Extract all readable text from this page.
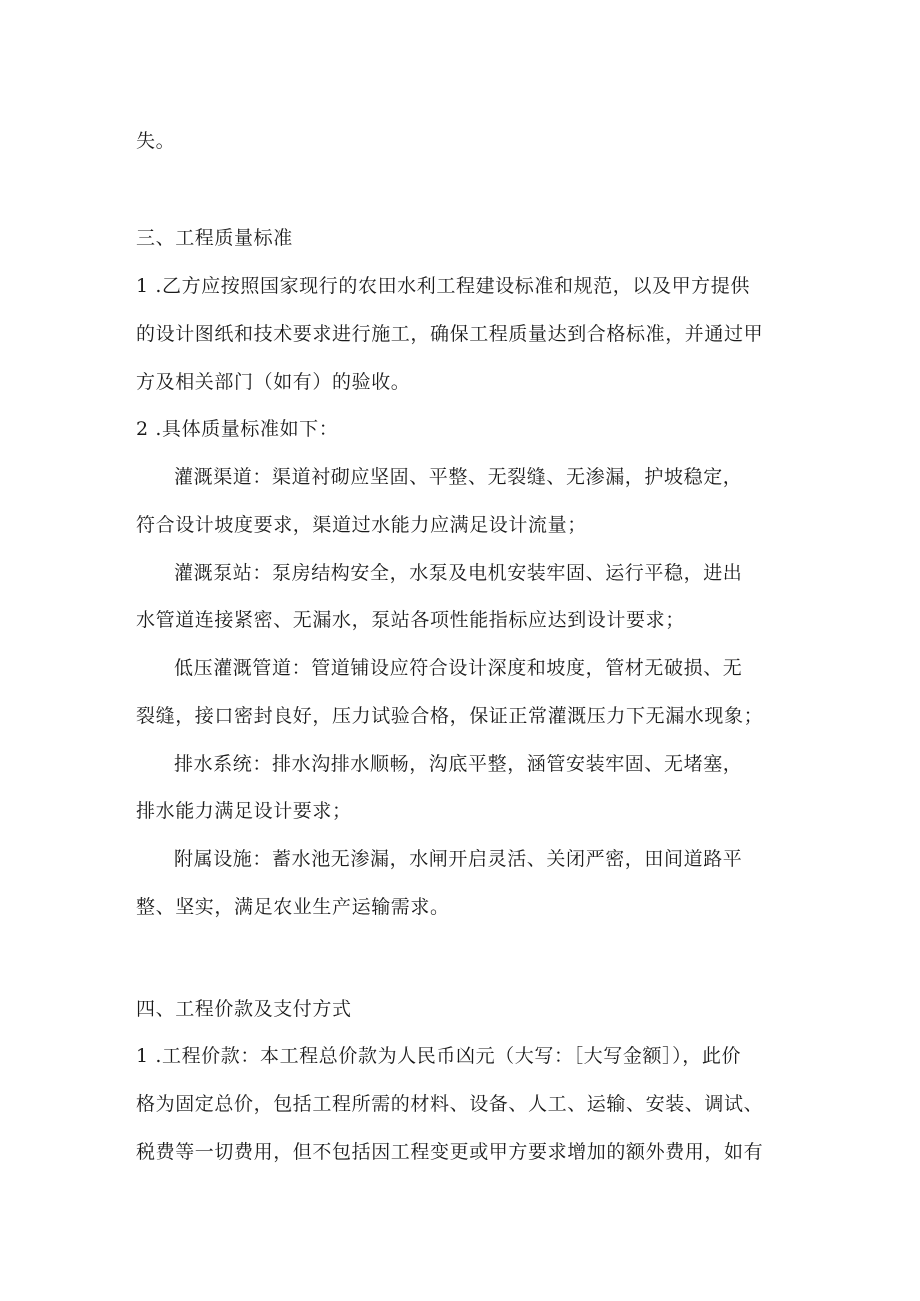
失。
三、工程质量标准
1 .乙方应按照国家现行的农田水利工程建设标准和规范，以及甲方提供
的设计图纸和技术要求进行施工，确保工程质量达到合格标准，并通过甲
方及相关部门（如有）的验收。
2 .具体质量标准如下：
灌溉渠道：渠道衬砌应坚固、平整、无裂缝、无渗漏，护坡稳定，
符合设计坡度要求，渠道过水能力应满足设计流量；
灌溉泵站：泵房结构安全，水泵及电机安装牢固、运行平稳，进出
水管道连接紧密、无漏水，泵站各项性能指标应达到设计要求；
低压灌溉管道：管道铺设应符合设计深度和坡度，管材无破损、无
裂缝，接口密封良好，压力试验合格，保证正常灌溉压力下无漏水现象；
排水系统：排水沟排水顺畅，沟底平整，涵管安装牢固、无堵塞，
排水能力满足设计要求；
附属设施：蓄水池无渗漏，水闸开启灵活、关闭严密，田间道路平
整、坚实，满足农业生产运输需求。
四、工程价款及支付方式
1 .工程价款：本工程总价款为人民币凶元（大写：［大写金额］），此价
格为固定总价，包括工程所需的材料、设备、人工、运输、安装、调试、
税费等一切费用，但不包括因工程变更或甲方要求增加的额外费用，如有
